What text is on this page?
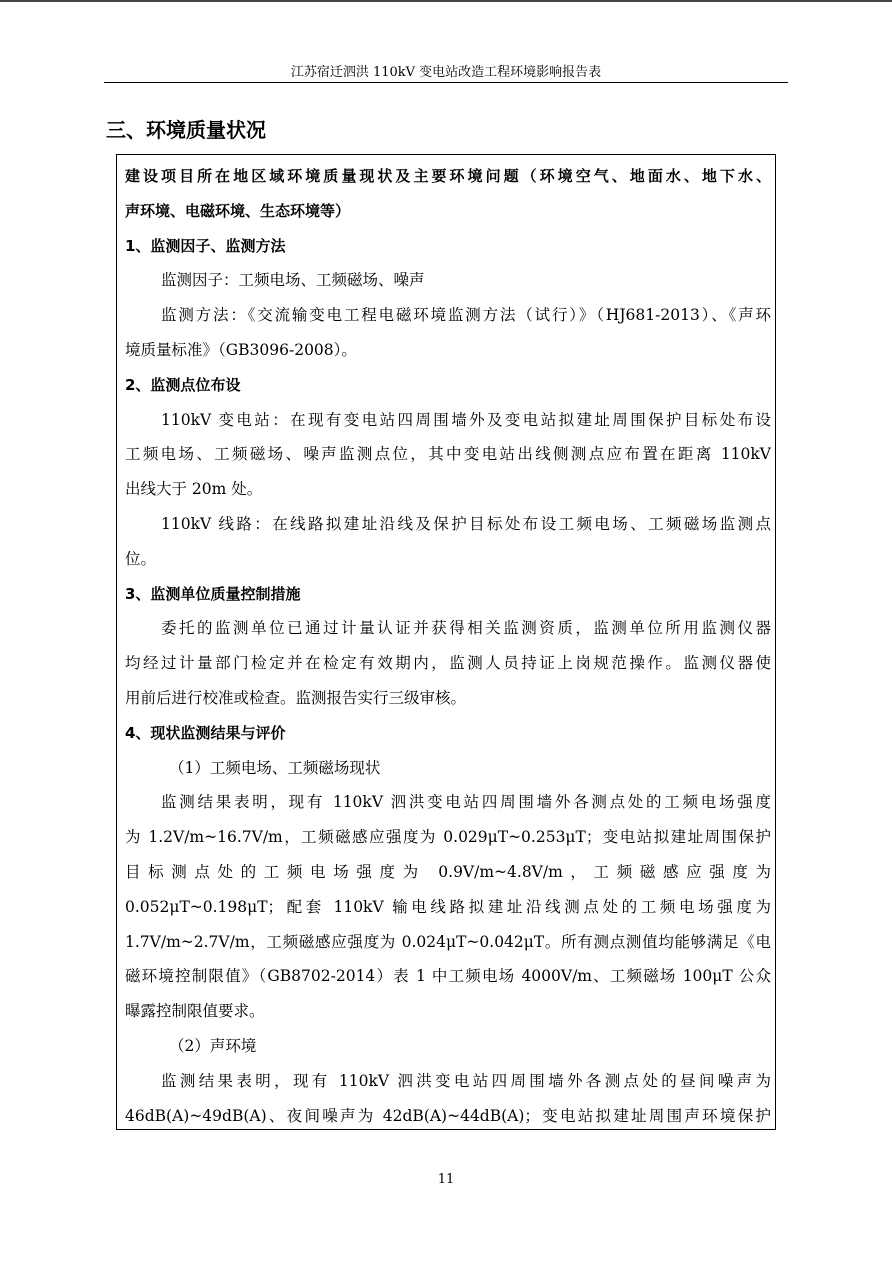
江苏宿迁泗洪 110kV 变电站改造工程环境影响报告表
三、环境质量状况
建设项目所在地区域环境质量现状及主要环境问题（环境空气、地面水、地下水、
声环境、电磁环境、生态环境等）
1、监测因子、监测方法
监测因子：工频电场、工频磁场、噪声
监测方法：《交流输变电工程电磁环境监测方法（试行）》（HJ681-2013）、《声环
境质量标准》（GB3096-2008）。
2、监测点位布设
110kV 变电站：在现有变电站四周围墙外及变电站拟建址周围保护目标处布设
工频电场、工频磁场、噪声监测点位，其中变电站出线侧测点应布置在距离 110kV
出线大于 20m 处。
110kV 线路：在线路拟建址沿线及保护目标处布设工频电场、工频磁场监测点
位。
3、监测单位质量控制措施
委托的监测单位已通过计量认证并获得相关监测资质，监测单位所用监测仪器
均经过计量部门检定并在检定有效期内，监测人员持证上岗规范操作。监测仪器使
用前后进行校准或检查。监测报告实行三级审核。
4、现状监测结果与评价
（1）工频电场、工频磁场现状
监测结果表明，现有 110kV 泗洪变电站四周围墙外各测点处的工频电场强度
为 1.2V/m~16.7V/m，工频磁感应强度为 0.029μT~0.253μT；变电站拟建址周围保护
目标测点处的工频电场强度为 0.9V/m~4.8V/m，工频磁感应强度为
0.052μT~0.198μT；配套 110kV 输电线路拟建址沿线测点处的工频电场强度为
1.7V/m~2.7V/m，工频磁感应强度为 0.024μT~0.042μT。所有测点测值均能够满足《电
磁环境控制限值》（GB8702-2014）表 1 中工频电场 4000V/m、工频磁场 100μT 公众
曝露控制限值要求。
（2）声环境
监测结果表明，现有 110kV 泗洪变电站四周围墙外各测点处的昼间噪声为
46dB(A)~49dB(A)、夜间噪声为 42dB(A)~44dB(A)；变电站拟建址周围声环境保护
11
